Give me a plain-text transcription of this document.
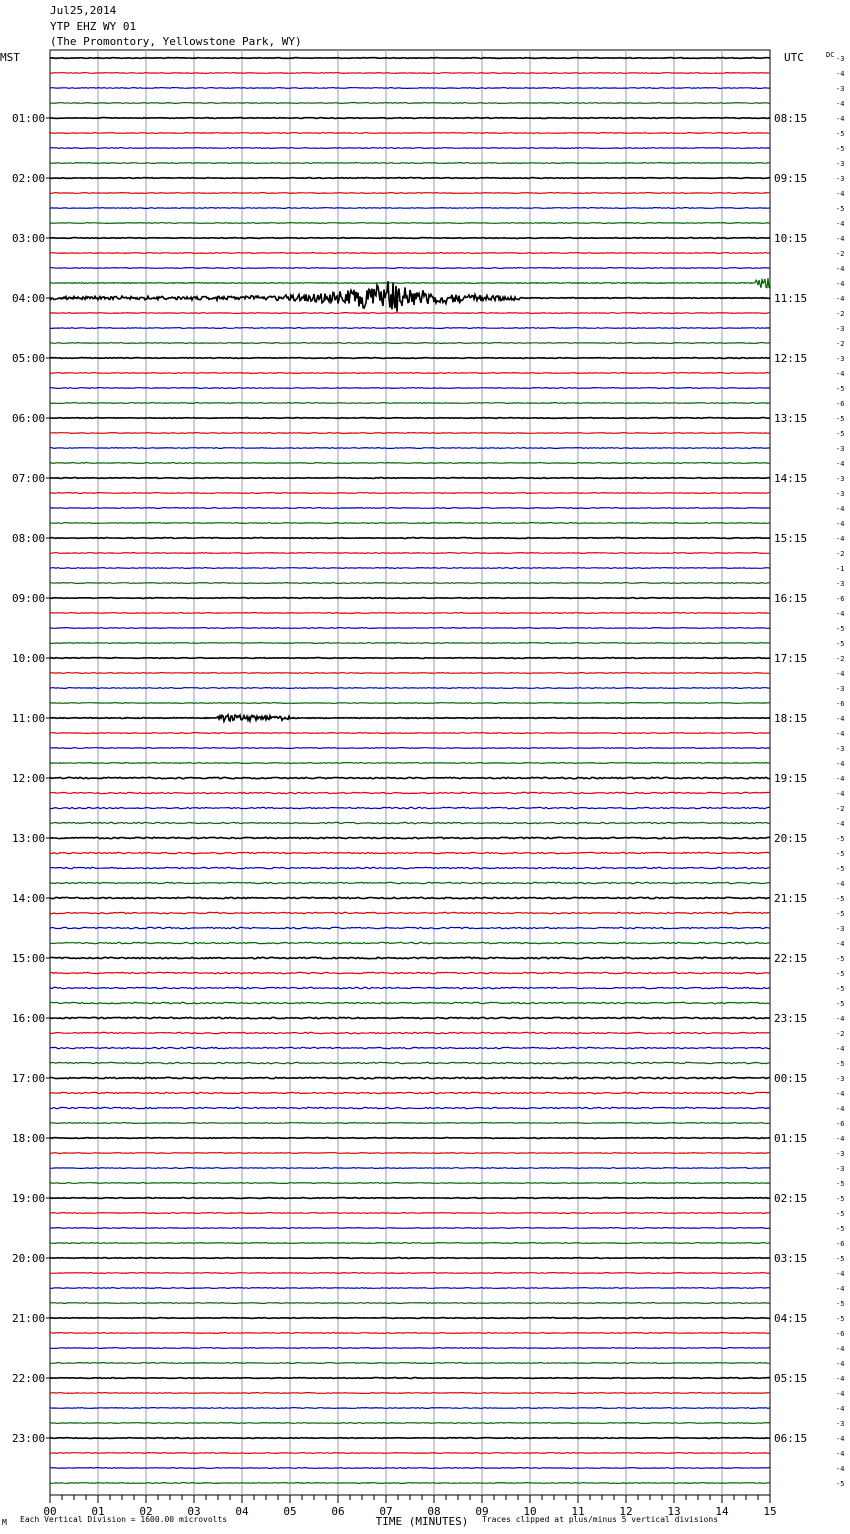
Jul25,2014
YTP EHZ WY 01
(The Promontory, Yellowstone Park, WY)
MST	UTC	DC
01:00
02:00
03:00
04:00
05:00
06:00
07:00
08:00
09:00
10:00
11:00
12:00
13:00
14:00
15:00
16:00
17:00
18:00
19:00
20:00
21:00
22:00
23:00
08:15
09:15
10:15
11:15
12:15
13:15
14:15
15:15
16:15
17:15
18:15
19:15
20:15
21:15
22:15
23:15
00:15
01:15
02:15
03:15
04:15
05:15
06:15
-3
-4
-3
-4
-4
-5
-5
-3
-3
-4
-5
-4
-4
-2
-4
-4
-4
-2
-3
-2
-3
-4
-5
-6
-5
-5
-3
-4
-3
-3
-4
-4
-4
-2
-1
-3
-6
-4
-5
-5
-2
-4
-3
-6
-4
-4
-3
-4
-4
-4
-2
-4
-5
-5
-5
-4
-5
-5
-3
-4
-5
-5
-5
-5
-4
-2
-4
-5
-3
-4
-4
-6
-4
-3
-3
-5
-5
-5
-5
-6
-5
-4
-4
-5
-5
-6
-4
-4
-4
-4
-4
-3
-4
-4
-4
-5
00	01	02	03	04	05	06	07	08	09	10	11	12	13	14	15
TIME (MINUTES)
M Each Vertical Division = 1600.00 microvolts	Traces clipped at plus/minus 5 vertical divisions
